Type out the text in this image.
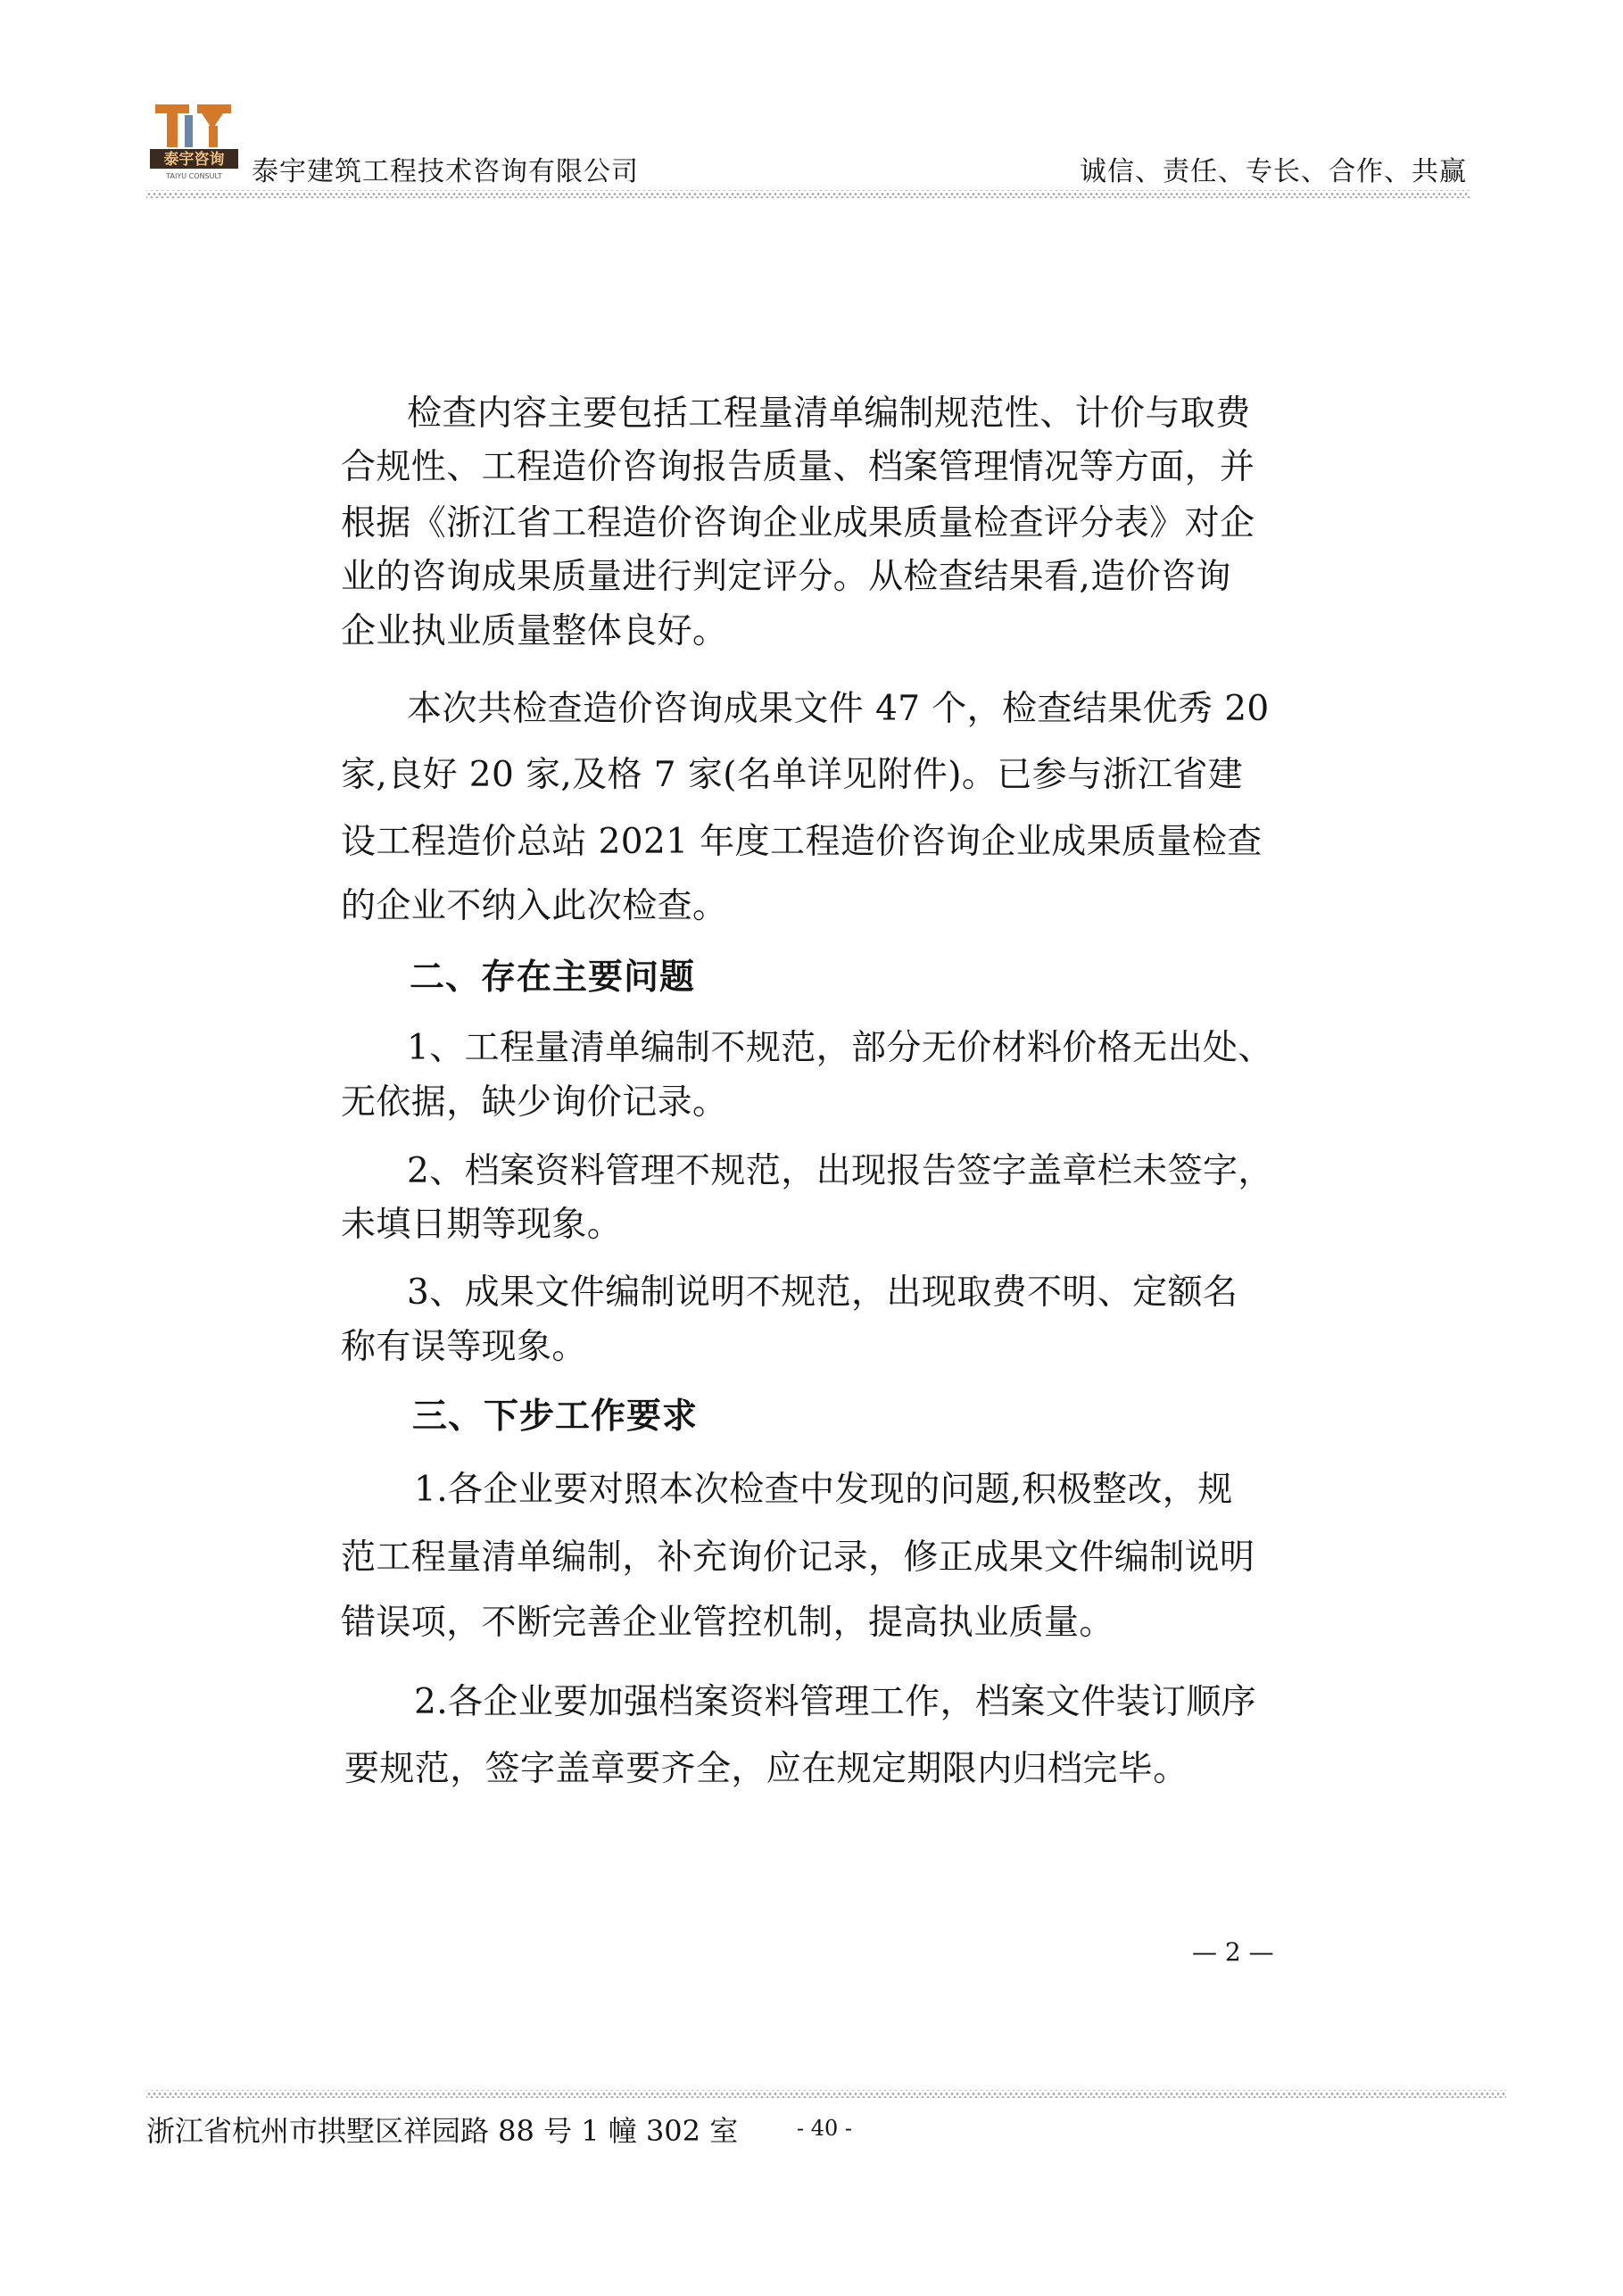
泰宇咨询
TAIYU CONSULT 泰宇建筑工程技术咨询有限公司	诚信、责任、专长、合作、共赢
检查内容主要包括工程量清单编制规范性、计价与取费
合规性、工程造价咨询报告质量、档案管理情况等方面，并
根据《浙江省工程造价咨询企业成果质量检查评分表》对企
业的咨询成果质量进行判定评分。从检查结果看,造价咨询
企业执业质量整体良好。
本次共检查造价咨询成果文件 47 个，检查结果优秀 20
家,良好 20 家,及格 7 家(名单详见附件)。已参与浙江省建
设工程造价总站 2021 年度工程造价咨询企业成果质量检查
的企业不纳入此次检查。
二、存在主要问题
1、工程量清单编制不规范，部分无价材料价格无出处、
无依据，缺少询价记录。
2、档案资料管理不规范，出现报告签字盖章栏未签字，
未填日期等现象。
3、成果文件编制说明不规范，出现取费不明、定额名
称有误等现象。
三、下步工作要求
1.各企业要对照本次检查中发现的问题,积极整改，规
范工程量清单编制，补充询价记录，修正成果文件编制说明
错误项，不断完善企业管控机制，提高执业质量。
2.各企业要加强档案资料管理工作，档案文件装订顺序
要规范，签字盖章要齐全，应在规定期限内归档完毕。
— 2 —
浙江省杭州市拱墅区祥园路 88 号 1 幢 302 室	- 40 -
